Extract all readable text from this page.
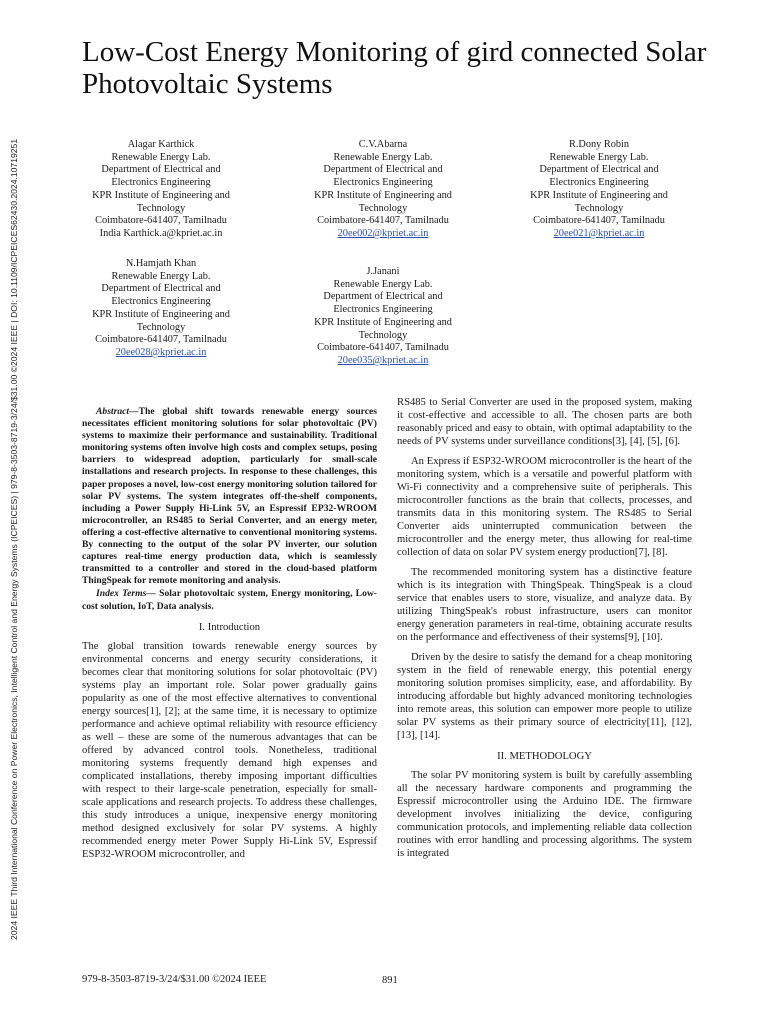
2024 IEEE Third International Conference on Power Electronics, Intelligent Control and Energy Systems (ICPEICES) | 979-8-3503-8719-3/24/$31.00 ©2024 IEEE | DOI: 10.1109/ICPEICES62430.2024.10719251
Low-Cost Energy Monitoring of gird connected Solar Photovoltaic Systems
Alagar Karthick
Renewable Energy Lab.
Department of Electrical and
Electronics Engineering
KPR Institute of Engineering and
Technology
Coimbatore-641407, Tamilnadu
India Karthick.a@kpriet.ac.in
C.V.Abarna
Renewable Energy Lab.
Department of Electrical and
Electronics Engineering
KPR Institute of Engineering and
Technology
Coimbatore-641407, Tamilnadu
20ee002@kpriet.ac.in
R.Dony Robin
Renewable Energy Lab.
Department of Electrical and
Electronics Engineering
KPR Institute of Engineering and
Technology
Coimbatore-641407, Tamilnadu
20ee021@kpriet.ac.in
N.Hamjath Khan
Renewable Energy Lab.
Department of Electrical and
Electronics Engineering
KPR Institute of Engineering and
Technology
Coimbatore-641407, Tamilnadu
20ee028@kpriet.ac.in
J.Janani
Renewable Energy Lab.
Department of Electrical and
Electronics Engineering
KPR Institute of Engineering and
Technology
Coimbatore-641407, Tamilnadu
20ee035@kpriet.ac.in

Abstract—The global shift towards renewable energy sources necessitates efficient monitoring solutions for solar photovoltaic (PV) systems to maximize their performance and sustainability. Traditional monitoring systems often involve high costs and complex setups, posing barriers to widespread adoption, particularly for small-scale installations and research projects. In response to these challenges, this paper proposes a novel, low-cost energy monitoring solution tailored for solar PV systems. The system integrates off-the-shelf components, including a Power Supply Hi-Link 5V, an Espressif EP32-WROOM microcontroller, an RS485 to Serial Converter, and an energy meter, offering a cost-effective alternative to conventional monitoring systems. By connecting to the output of the solar PV inverter, our solution captures real-time energy production data, which is seamlessly transmitted to a controller and stored in the cloud-based platform ThingSpeak for remote monitoring and analysis.

Index Terms— Solar photovoltaic system, Energy monitoring, Low-cost solution, IoT, Data analysis.

I. Introduction

The global transition towards renewable energy sources by environmental concerns and energy security considerations, it becomes clear that monitoring solutions for solar photovoltaic (PV) systems play an important role. Solar power gradually gains popularity as one of the most effective alternatives to conventional energy sources[1], [2]; at the same time, it is necessary to optimize performance and achieve optimal reliability with resource efficiency as well – these are some of the numerous advantages that can be offered by advanced control tools. Nonetheless, traditional monitoring systems frequently demand high expenses and complicated installations, thereby imposing important difficulties with respect to their large-scale penetration, especially for small-scale applications and research projects. To address these challenges, this study introduces a unique, inexpensive energy monitoring method designed exclusively for solar PV systems. A highly recommended energy meter Power Supply Hi-Link 5V, Espressif ESP32-WROOM microcontroller, and

RS485 to Serial Converter are used in the proposed system, making it cost-effective and accessible to all. The chosen parts are both reasonably priced and easy to obtain, with optimal adaptability to the needs of PV systems under surveillance conditions[3], [4], [5], [6].

An Express if ESP32-WROOM microcontroller is the heart of the monitoring system, which is a versatile and powerful platform with Wi-Fi connectivity and a comprehensive suite of peripherals. This microcontroller functions as the brain that collects, processes, and transmits data in this monitoring system. The RS485 to Serial Converter aids uninterrupted communication between the microcontroller and the energy meter, thus allowing for real-time collection of data on solar PV system energy production[7], [8].

The recommended monitoring system has a distinctive feature which is its integration with ThingSpeak. ThingSpeak is a cloud service that enables users to store, visualize, and analyze data. By utilizing ThingSpeak's robust infrastructure, users can monitor energy generation parameters in real-time, obtaining accurate results on the performance and effectiveness of their systems[9], [10].

Driven by the desire to satisfy the demand for a cheap monitoring system in the field of renewable energy, this potential energy monitoring solution promises simplicity, ease, and affordability. By introducing affordable but highly advanced monitoring technologies into remote areas, this solution can empower more people to utilize solar PV systems as their primary source of electricity[11], [12], [13], [14].

II. METHODOLOGY

The solar PV monitoring system is built by carefully assembling all the necessary hardware components and programming the Espressif microcontroller using the Arduino IDE. The firmware development involves initializing the device, configuring communication protocols, and implementing reliable data collection routines with error handling and processing algorithms. The system is integrated

979-8-3503-8719-3/24/$31.00 ©2024 IEEE	891
